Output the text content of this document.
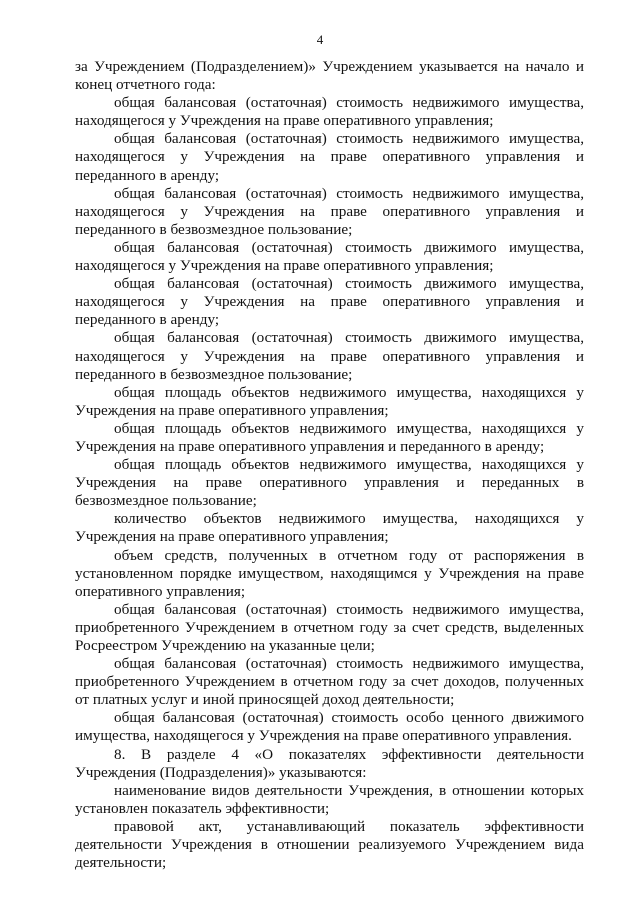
4

за Учреждением (Подразделением)» Учреждением указывается на начало и конец отчетного года:

общая балансовая (остаточная) стоимость недвижимого имущества, находящегося у Учреждения на праве оперативного управления;

общая балансовая (остаточная) стоимость недвижимого имущества, находящегося у Учреждения на праве оперативного управления и переданного в аренду;

общая балансовая (остаточная) стоимость недвижимого имущества, находящегося у Учреждения на праве оперативного управления и переданного в безвозмездное пользование;

общая балансовая (остаточная) стоимость движимого имущества, находящегося у Учреждения на праве оперативного управления;

общая балансовая (остаточная) стоимость движимого имущества, находящегося у Учреждения на праве оперативного управления и переданного в аренду;

общая балансовая (остаточная) стоимость движимого имущества, находящегося у Учреждения на праве оперативного управления и переданного в безвозмездное пользование;

общая площадь объектов недвижимого имущества, находящихся у Учреждения на праве оперативного управления;

общая площадь объектов недвижимого имущества, находящихся у Учреждения на праве оперативного управления и переданного в аренду;

общая площадь объектов недвижимого имущества, находящихся у Учреждения на праве оперативного управления и переданных в безвозмездное пользование;

количество объектов недвижимого имущества, находящихся у Учреждения на праве оперативного управления;

объем средств, полученных в отчетном году от распоряжения в установленном порядке имуществом, находящимся у Учреждения на праве оперативного управления;

общая балансовая (остаточная) стоимость недвижимого имущества, приобретенного Учреждением в отчетном году за счет средств, выделенных Росреестром Учреждению на указанные цели;

общая балансовая (остаточная) стоимость недвижимого имущества, приобретенного Учреждением в отчетном году за счет доходов, полученных от платных услуг и иной приносящей доход деятельности;

общая балансовая (остаточная) стоимость особо ценного движимого имущества, находящегося у Учреждения на праве оперативного управления.

8. В разделе 4 «О показателях эффективности деятельности Учреждения (Подразделения)» указываются:

наименование видов деятельности Учреждения, в отношении которых установлен показатель эффективности;

правовой акт, устанавливающий показатель эффективности деятельности Учреждения в отношении реализуемого Учреждением вида деятельности;
